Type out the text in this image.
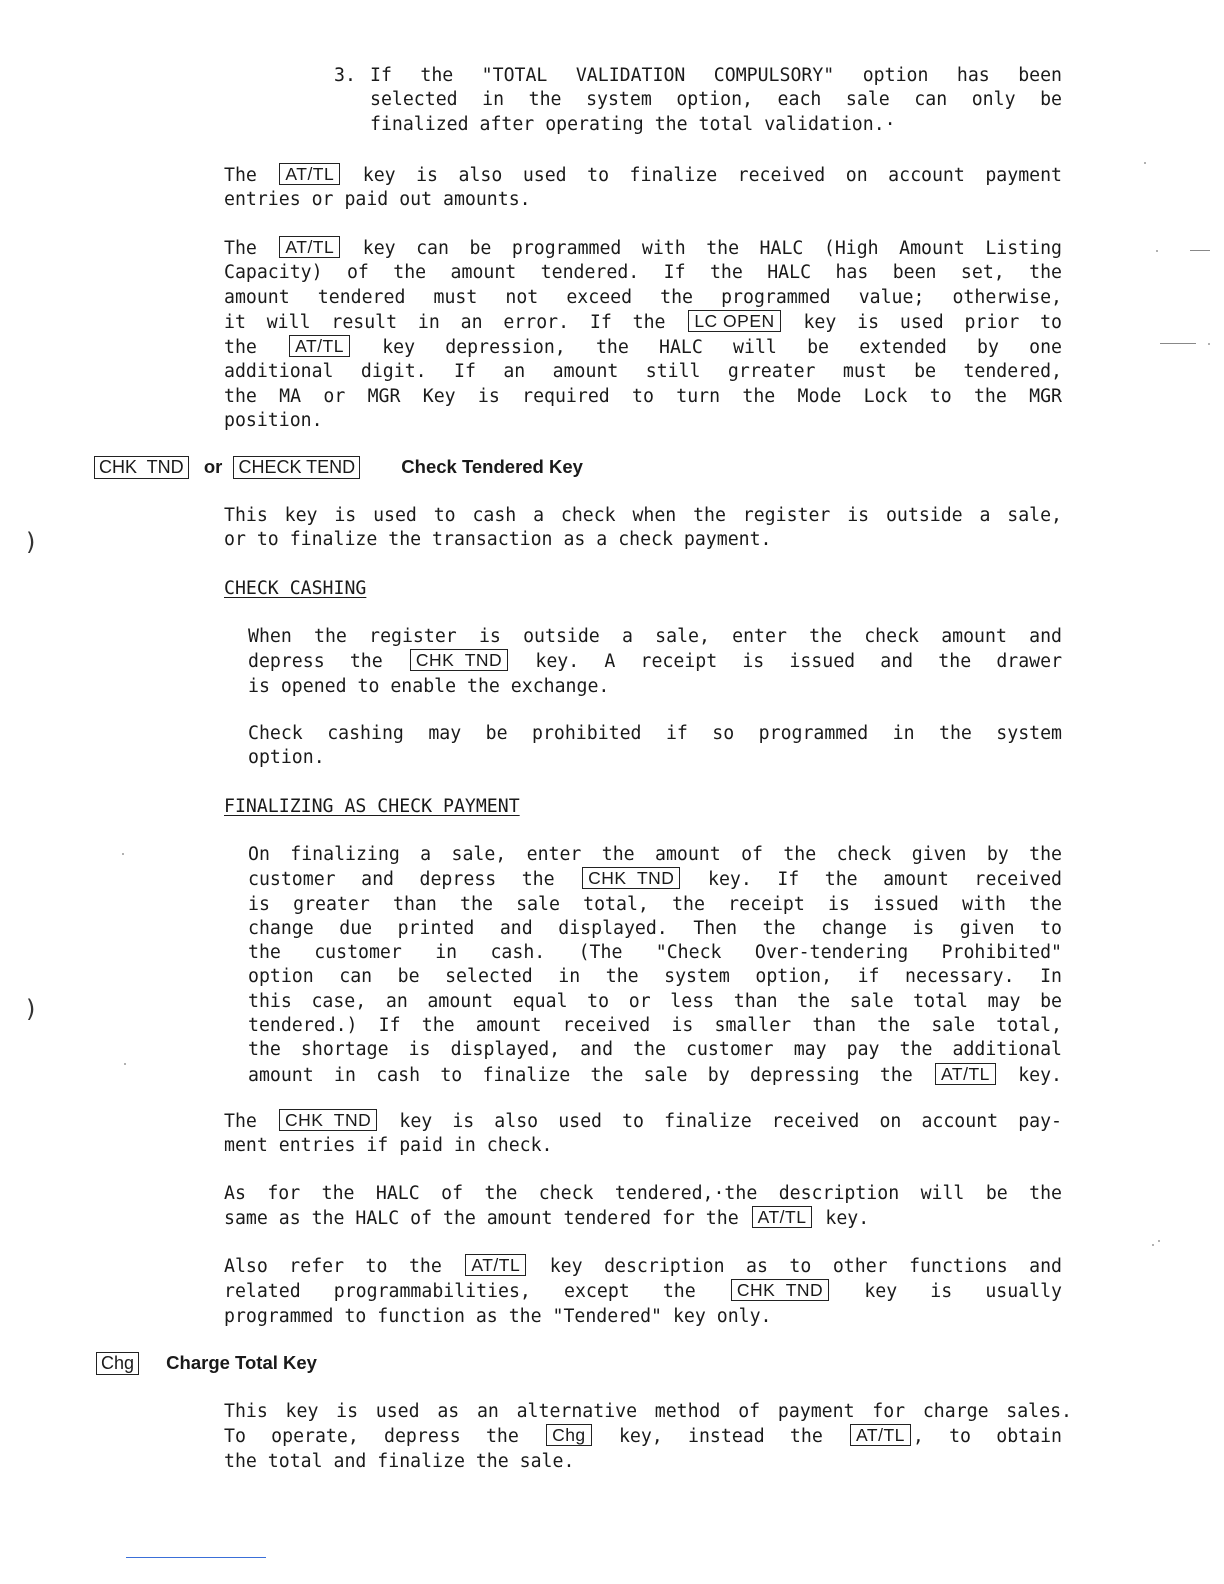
3. If the "TOTAL VALIDATION COMPULSORY" option has been
selected in the system option, each sale can only be
finalized after operating the total validation.·
The AT/TL key is also used to finalize received on account payment
entries or paid out amounts.
The AT/TL key can be programmed with the HALC (High Amount Listing
Capacity) of the amount tendered. If the HALC has been set, the
amount tendered must not exceed the programmed value; otherwise,
it will result in an error. If the LC OPEN key is used prior to
the AT/TL key depression, the HALC will be extended by one
additional digit. If an amount still grreater must be tendered,
the MA or MGR Key is required to turn the Mode Lock to the MGR
position.
CHK  TND or CHECK TEND Check Tendered Key
This key is used to cash a check when the register is outside a sale,
or to finalize the transaction as a check payment.
CHECK CASHING
When the register is outside a sale, enter the check amount and
depress the CHK  TND key. A receipt is issued and the drawer
is opened to enable the exchange.
Check cashing may be prohibited if so programmed in the system
option.
FINALIZING AS CHECK PAYMENT
On finalizing a sale, enter the amount of the check given by the
customer and depress the CHK  TND key. If the amount received
is greater than the sale total, the receipt is issued with the
change due printed and displayed. Then the change is given to
the customer in cash. (The "Check Over-tendering Prohibited"
option can be selected in the system option, if necessary. In
this case, an amount equal to or less than the sale total may be
tendered.) If the amount received is smaller than the sale total,
the shortage is displayed, and the customer may pay the additional
amount in cash to finalize the sale by depressing the AT/TL key.
The CHK  TND key is also used to finalize received on account pay-
ment entries if paid in check.
As for the HALC of the check tendered,·the description will be the
same as the HALC of the amount tendered for the AT/TL key.
Also refer to the AT/TL key description as to other functions and
related programmabilities, except the CHK  TND key is usually
programmed to function as the "Tendered" key only.
Chg Charge Total Key
This key is used as an alternative method of payment for charge sales.
To operate, depress the Chg key, instead the AT/TL , to obtain
the total and finalize the sale.
)
)
